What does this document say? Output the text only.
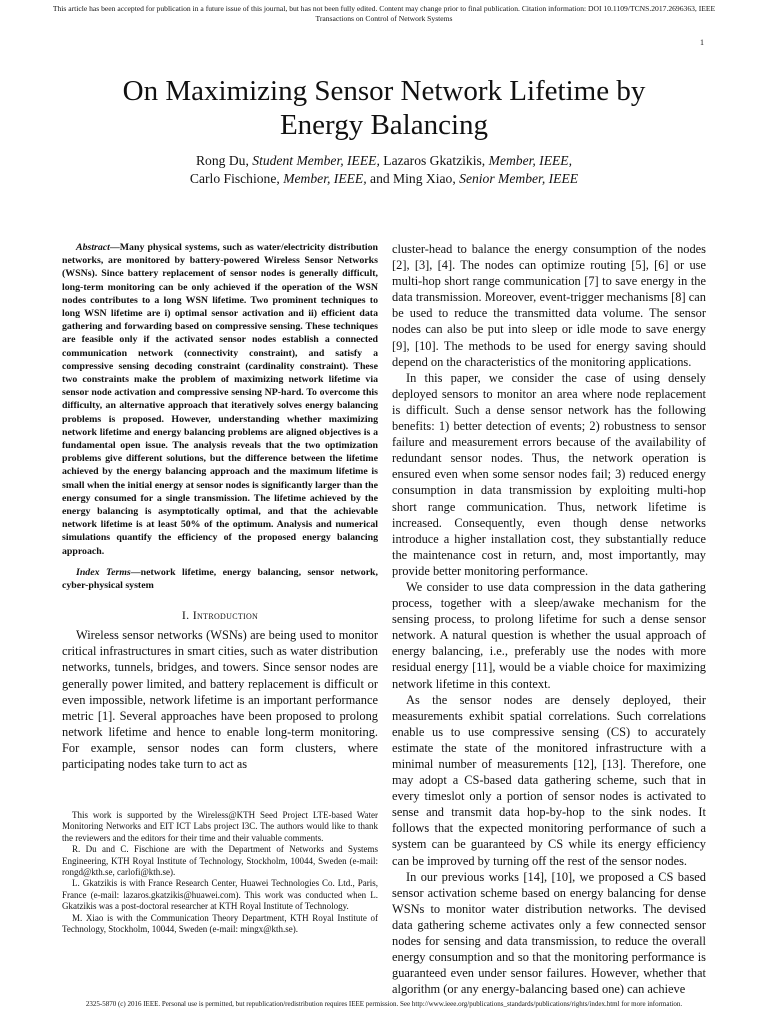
This article has been accepted for publication in a future issue of this journal, but has not been fully edited. Content may change prior to final publication. Citation information: DOI 10.1109/TCNS.2017.2696363, IEEE
Transactions on Control of Network Systems
1
On Maximizing Sensor Network Lifetime by
Energy Balancing
Rong Du, Student Member, IEEE, Lazaros Gkatzikis, Member, IEEE,
Carlo Fischione, Member, IEEE, and Ming Xiao, Senior Member, IEEE

Abstract—Many physical systems, such as water/electricity distribution networks, are monitored by battery-powered Wireless Sensor Networks (WSNs). Since battery replacement of sensor nodes is generally difficult, long-term monitoring can be only achieved if the operation of the WSN nodes contributes to a long WSN lifetime. Two prominent techniques to long WSN lifetime are i) optimal sensor activation and ii) efficient data gathering and forwarding based on compressive sensing. These techniques are feasible only if the activated sensor nodes establish a connected communication network (connectivity constraint), and satisfy a compressive sensing decoding constraint (cardinality constraint). These two constraints make the problem of maximizing network lifetime via sensor node activation and compressive sensing NP-hard. To overcome this difficulty, an alternative approach that iteratively solves energy balancing problems is proposed. However, understanding whether maximizing network lifetime and energy balancing problems are aligned objectives is a fundamental open issue. The analysis reveals that the two optimization problems give different solutions, but the difference between the lifetime achieved by the energy balancing approach and the maximum lifetime is small when the initial energy at sensor nodes is significantly larger than the energy consumed for a single transmission. The lifetime achieved by the energy balancing is asymptotically optimal, and that the achievable network lifetime is at least 50% of the optimum. Analysis and numerical simulations quantify the efficiency of the proposed energy balancing approach.

Index Terms—network lifetime, energy balancing, sensor network, cyber-physical system

I. Introduction

Wireless sensor networks (WSNs) are being used to monitor critical infrastructures in smart cities, such as water distribution networks, tunnels, bridges, and towers. Since sensor nodes are generally power limited, and battery replacement is difficult or even impossible, network lifetime is an important performance metric [1]. Several approaches have been proposed to prolong network lifetime and hence to enable long-term monitoring. For example, sensor nodes can form clusters, where participating nodes take turn to act as

This work is supported by the Wireless@KTH Seed Project LTE-based Water Monitoring Networks and EIT ICT Labs project I3C. The authors would like to thank the reviewers and the editors for their time and their valuable comments.

R. Du and C. Fischione are with the Department of Networks and Systems Engineering, KTH Royal Institute of Technology, Stockholm, 10044, Sweden (e-mail: rongd@kth.se, carlofi@kth.se).

L. Gkatzikis is with France Research Center, Huawei Technologies Co. Ltd., Paris, France (e-mail: lazaros.gkatzikis@huawei.com). This work was conducted when L. Gkatzikis was a post-doctoral researcher at KTH Royal Institute of Technology.

M. Xiao is with the Communication Theory Department, KTH Royal Institute of Technology, Stockholm, 10044, Sweden (e-mail: mingx@kth.se).

cluster-head to balance the energy consumption of the nodes [2], [3], [4]. The nodes can optimize routing [5], [6] or use multi-hop short range communication [7] to save energy in the data transmission. Moreover, event-trigger mechanisms [8] can be used to reduce the transmitted data volume. The sensor nodes can also be put into sleep or idle mode to save energy [9], [10]. The methods to be used for energy saving should depend on the characteristics of the monitoring applications.

In this paper, we consider the case of using densely deployed sensors to monitor an area where node replacement is difficult. Such a dense sensor network has the following benefits: 1) better detection of events; 2) robustness to sensor failure and measurement errors because of the availability of redundant sensor nodes. Thus, the network operation is ensured even when some sensor nodes fail; 3) reduced energy consumption in data transmission by exploiting multi-hop short range communication. Thus, network lifetime is increased. Consequently, even though dense networks introduce a higher installation cost, they substantially reduce the maintenance cost in return, and, most importantly, may provide better monitoring performance.

We consider to use data compression in the data gathering process, together with a sleep/awake mechanism for the sensing process, to prolong lifetime for such a dense sensor network. A natural question is whether the usual approach of energy balancing, i.e., preferably use the nodes with more residual energy [11], would be a viable choice for maximizing network lifetime in this context.

As the sensor nodes are densely deployed, their measurements exhibit spatial correlations. Such correlations enable us to use compressive sensing (CS) to accurately estimate the state of the monitored infrastructure with a minimal number of measurements [12], [13]. Therefore, one may adopt a CS-based data gathering scheme, such that in every timeslot only a portion of sensor nodes is activated to sense and transmit data hop-by-hop to the sink nodes. It follows that the expected monitoring performance of such a system can be guaranteed by CS while its energy efficiency can be improved by turning off the rest of the sensor nodes.

In our previous works [14], [10], we proposed a CS based sensor activation scheme based on energy balancing for dense WSNs to monitor water distribution networks. The devised data gathering scheme activates only a few connected sensor nodes for sensing and data transmission, to reduce the overall energy consumption and so that the monitoring performance is guaranteed even under sensor failures. However, whether that algorithm (or any energy-balancing based one) can achieve

2325-5870 (c) 2016 IEEE. Personal use is permitted, but republication/redistribution requires IEEE permission. See http://www.ieee.org/publications_standards/publications/rights/index.html for more information.
